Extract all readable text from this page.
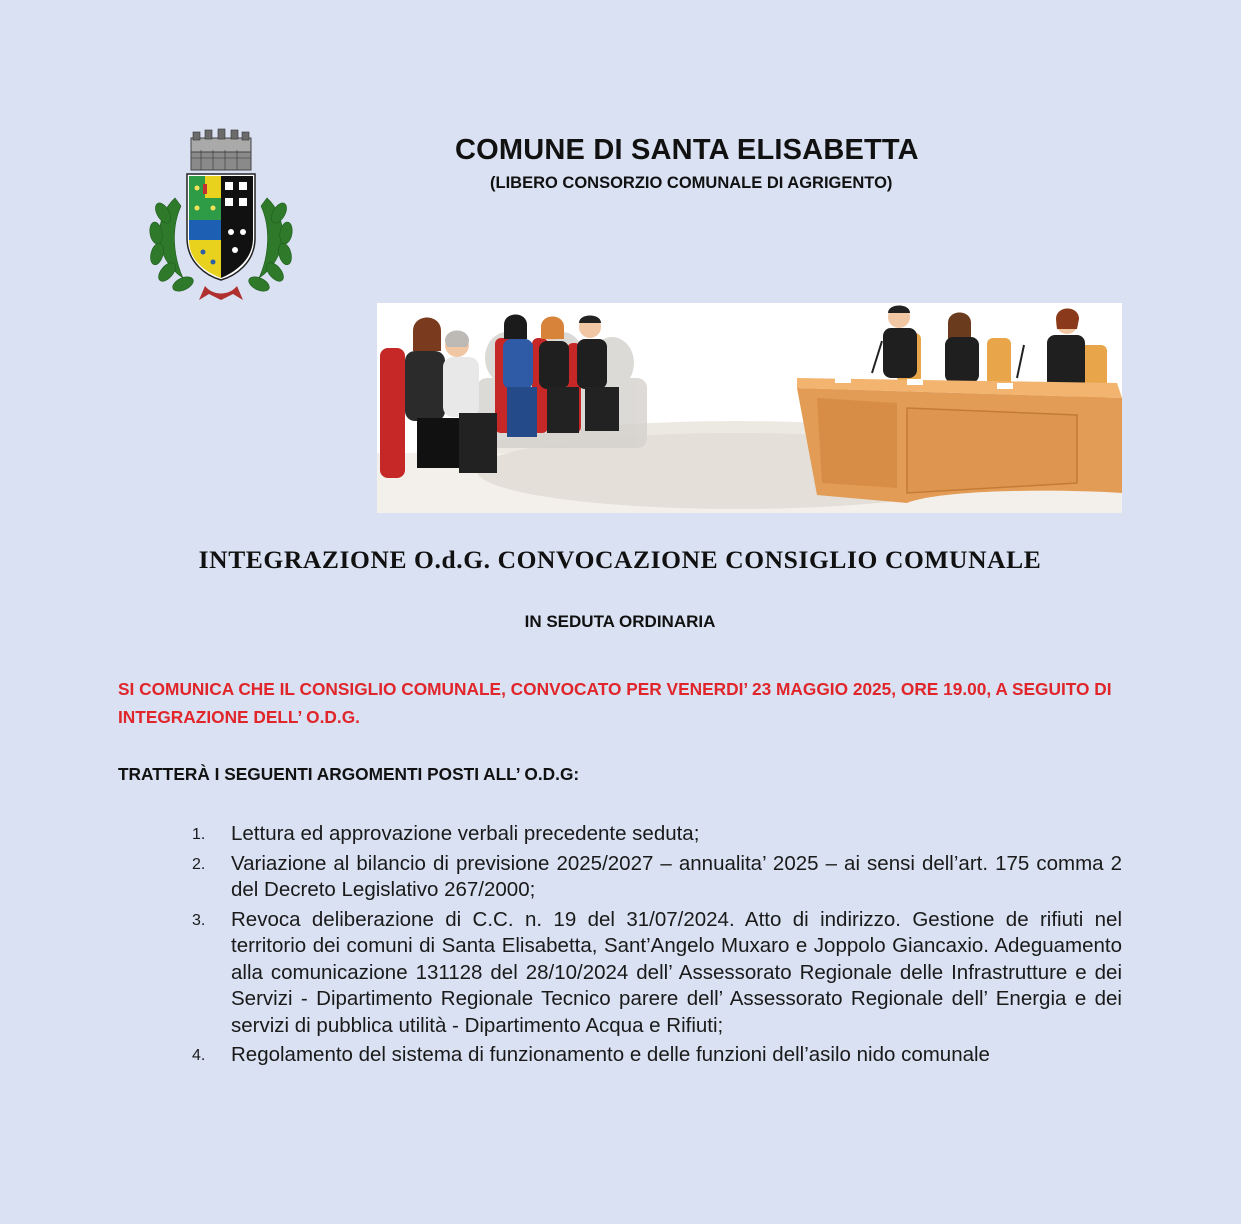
COMUNE DI SANTA ELISABETTA
(LIBERO CONSORZIO COMUNALE DI AGRIGENTO)
INTEGRAZIONE O.d.G. CONVOCAZIONE CONSIGLIO COMUNALE
IN SEDUTA ORDINARIA
SI COMUNICA CHE IL CONSIGLIO COMUNALE, CONVOCATO PER VENERDI’ 23 MAGGIO 2025, ORE 19.00, A SEGUITO DI INTEGRAZIONE DELL’ O.D.G.
TRATTERÀ I SEGUENTI ARGOMENTI POSTI ALL’ O.D.G:
1.	Lettura ed approvazione verbali precedente seduta;
2.	Variazione al bilancio di previsione 2025/2027 – annualita’ 2025 – ai sensi dell’art. 175 comma 2 del Decreto Legislativo 267/2000;
3.	Revoca deliberazione di C.C. n. 19 del 31/07/2024. Atto di indirizzo. Gestione de rifiuti nel territorio dei comuni di Santa Elisabetta, Sant’Angelo Muxaro e Joppolo Giancaxio. Adeguamento alla comunicazione 131128 del 28/10/2024 dell’ Assessorato Regionale delle Infrastrutture e dei Servizi - Dipartimento Regionale Tecnico parere dell’ Assessorato Regionale dell’ Energia e dei servizi di pubblica utilità - Dipartimento Acqua e Rifiuti;
4.	Regolamento del sistema di funzionamento e delle funzioni dell’asilo nido comunale
